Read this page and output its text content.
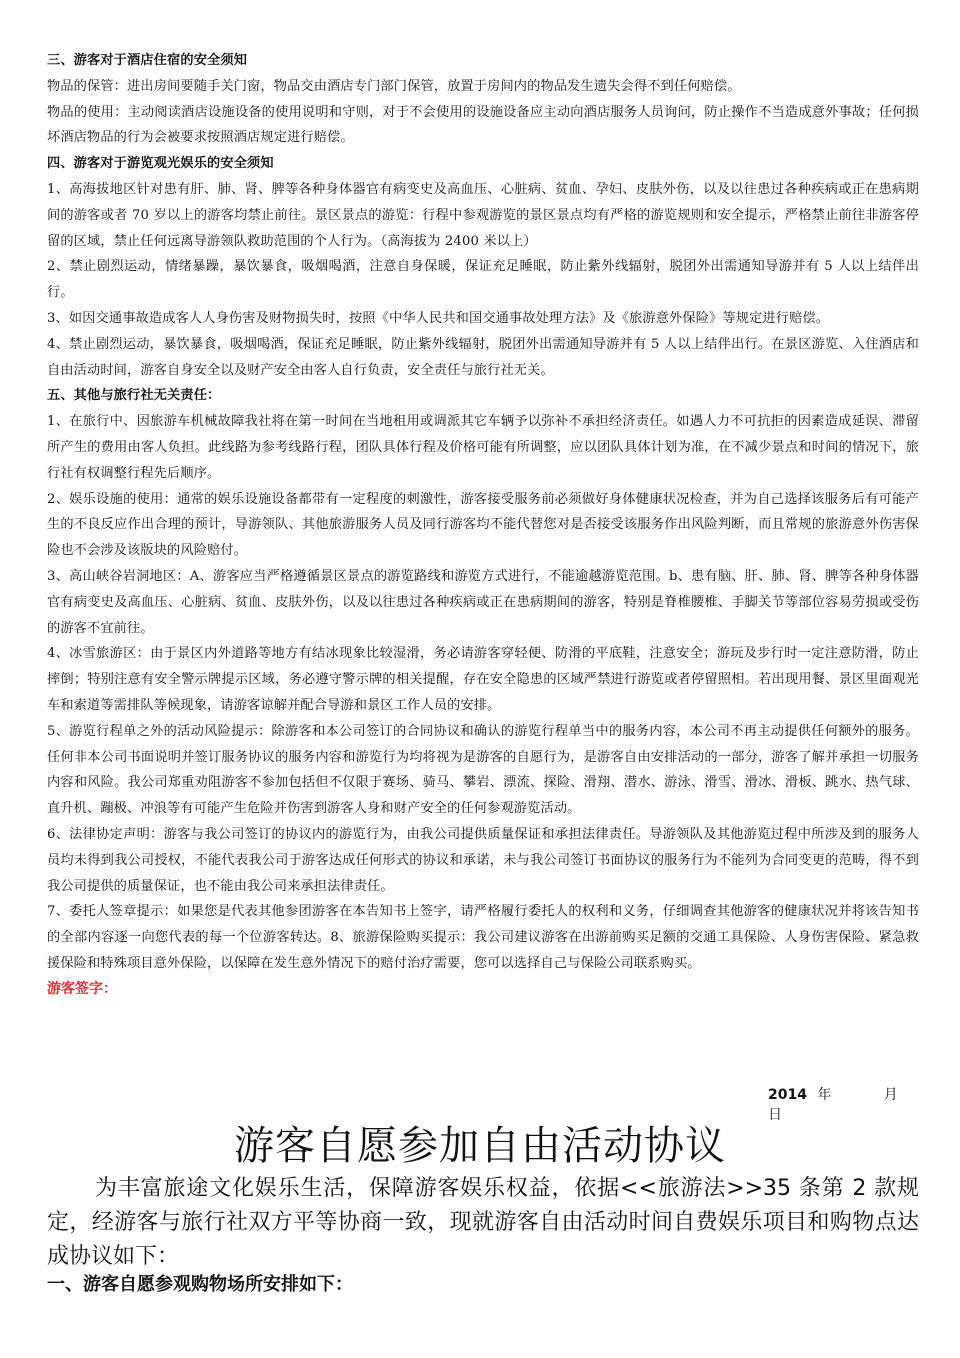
三、游客对于酒店住宿的安全须知

物品的保管：进出房间要随手关门窗，物品交由酒店专门部门保管，放置于房间内的物品发生遗失会得不到任何赔偿。

物品的使用：主动阅读酒店设施设备的使用说明和守则，对于不会使用的设施设备应主动向酒店服务人员询问，防止操作不当造成意外事故；任何损坏酒店物品的行为会被要求按照酒店规定进行赔偿。

四、游客对于游览观光娱乐的安全须知

1、高海拔地区针对患有肝、肺、肾、脾等各种身体器官有病变史及高血压、心脏病、贫血、孕妇、皮肤外伤，以及以往患过各种疾病或正在患病期间的游客或者 70 岁以上的游客均禁止前往。景区景点的游览：行程中参观游览的景区景点均有严格的游览规则和安全提示，严格禁止前往非游客停留的区域，禁止任何远离导游领队救助范围的个人行为。（高海拔为 2400 米以上）

2、禁止剧烈运动，情绪暴躁，暴饮暴食，吸烟喝酒，注意自身保暖，保证充足睡眠，防止紫外线辐射，脱团外出需通知导游并有 5 人以上结伴出行。

3、如因交通事故造成客人人身伤害及财物损失时，按照《中华人民共和国交通事故处理方法》及《旅游意外保险》等规定进行赔偿。

4、禁止剧烈运动，暴饮暴食，吸烟喝酒，保证充足睡眠，防止紫外线辐射，脱团外出需通知导游并有 5 人以上结伴出行。在景区游览、入住酒店和自由活动时间，游客自身安全以及财产安全由客人自行负责，安全责任与旅行社无关。

五、其他与旅行社无关责任：

1、在旅行中、因旅游车机械故障我社将在第一时间在当地租用或调派其它车辆予以弥补不承担经济责任。如遇人力不可抗拒的因素造成延误、滞留所产生的费用由客人负担。此线路为参考线路行程，团队具体行程及价格可能有所调整，应以团队具体计划为准，在不减少景点和时间的情况下，旅行社有权调整行程先后顺序。

2、娱乐设施的使用：通常的娱乐设施设备都带有一定程度的刺激性，游客接受服务前必须做好身体健康状况检查，并为自己选择该服务后有可能产生的不良反应作出合理的预计，导游领队、其他旅游服务人员及同行游客均不能代替您对是否接受该服务作出风险判断，而且常规的旅游意外伤害保险也不会涉及该版块的风险赔付。

3、高山峡谷岩洞地区：A、游客应当严格遵循景区景点的游览路线和游览方式进行，不能逾越游览范围。b、患有脑、肝、肺、肾、脾等各种身体器官有病变史及高血压、心脏病、贫血、皮肤外伤，以及以往患过各种疾病或正在患病期间的游客，特别是脊椎腰椎、手脚关节等部位容易劳损或受伤的游客不宜前往。

4、冰雪旅游区：由于景区内外道路等地方有结冰现象比较湿滑，务必请游客穿轻便、防滑的平底鞋，注意安全；游玩及步行时一定注意防滑，防止摔倒；特别注意有安全警示牌提示区域，务必遵守警示牌的相关提醒，存在安全隐患的区域严禁进行游览或者停留照相。若出现用餐、景区里面观光车和索道等需排队等候现象，请游客谅解并配合导游和景区工作人员的安排。

5、游览行程单之外的活动风险提示：除游客和本公司签订的合同协议和确认的游览行程单当中的服务内容，本公司不再主动提供任何额外的服务。任何非本公司书面说明并签订服务协议的服务内容和游览行为均将视为是游客的自愿行为，是游客自由安排活动的一部分，游客了解并承担一切服务内容和风险。我公司郑重劝阻游客不参加包括但不仅限于赛场、骑马、攀岩、漂流、探险、滑翔、潜水、游泳、滑雪、滑冰、滑板、跳水、热气球、直升机、蹦极、冲浪等有可能产生危险并伤害到游客人身和财产安全的任何参观游览活动。

6、法律协定声明：游客与我公司签订的协议内的游览行为，由我公司提供质量保证和承担法律责任。导游领队及其他游览过程中所涉及到的服务人员均未得到我公司授权，不能代表我公司于游客达成任何形式的协议和承诺，未与我公司签订书面协议的服务行为不能列为合同变更的范畴，得不到我公司提供的质量保证，也不能由我公司来承担法律责任。

7、委托人签章提示：如果您是代表其他参团游客在本告知书上签字，请严格履行委托人的权利和义务，仔细调查其他游客的健康状况并将该告知书的全部内容逐一向您代表的每一个位游客转达。8、旅游保险购买提示：我公司建议游客在出游前购买足额的交通工具保险、人身伤害保险、紧急救援保险和特殊项目意外保险，以保障在发生意外情况下的赔付治疗需要，您可以选择自己与保险公司联系购买。

游客签字：
2014 年	月     日
游客自愿参加自由活动协议

为丰富旅途文化娱乐生活，保障游客娱乐权益，依据<<旅游法>>35 条第 2 款规定，经游客与旅行社双方平等协商一致，现就游客自由活动时间自费娱乐项目和购物点达成协议如下：

一、游客自愿参观购物场所安排如下：
